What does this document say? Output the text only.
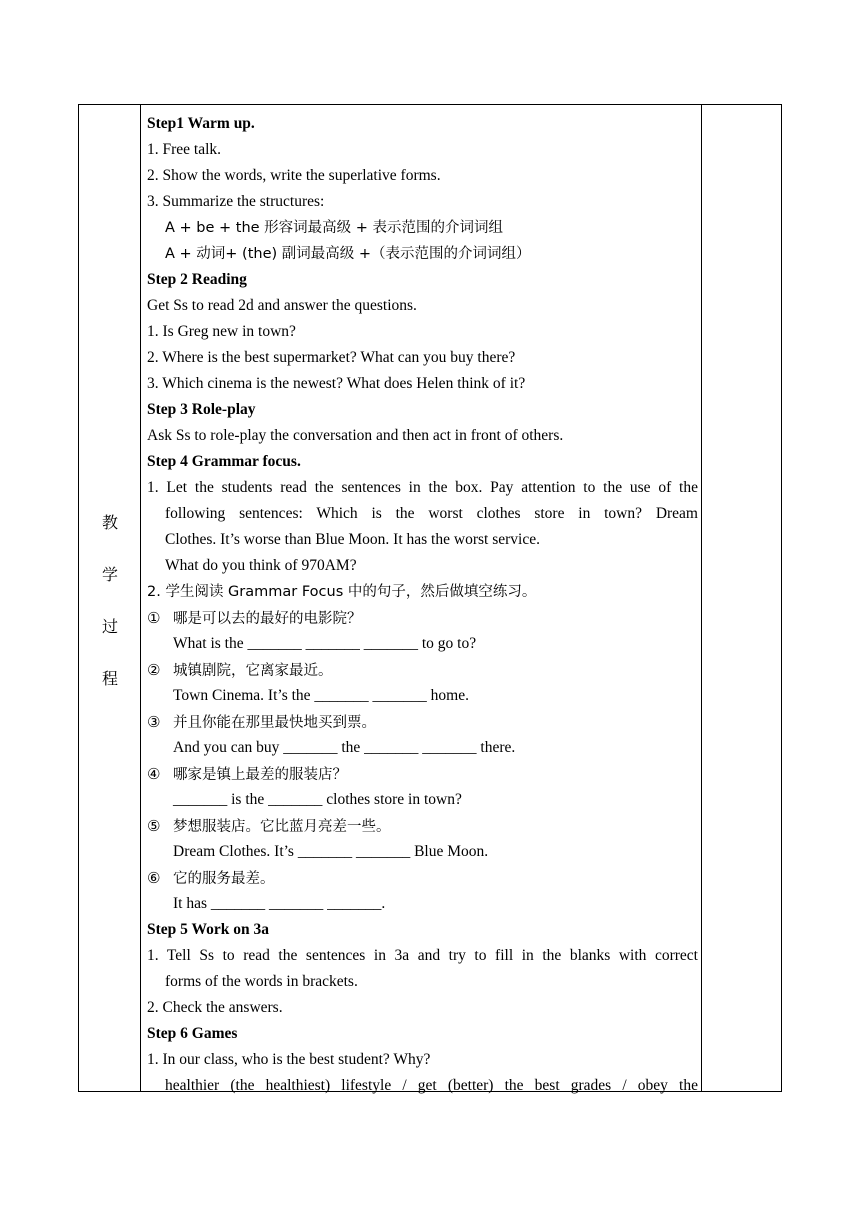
教
学
过
程
Step1 Warm up.
1. Free talk.
2. Show the words, write the superlative forms.
3. Summarize the structures:
A + be + the 形容词最高级 + 表示范围的介词词组
A + 动词+ (the) 副词最高级 +（表示范围的介词词组）
Step 2 Reading
Get Ss to read 2d and answer the questions.
1. Is Greg new in town?
2. Where is the best supermarket? What can you buy there?
3. Which cinema is the newest? What does Helen think of it?
Step 3 Role-play
Ask Ss to role-play the conversation and then act in front of others.
Step 4 Grammar focus.
1. Let the students read the sentences in the box. Pay attention to the use of the
following sentences: Which is the worst clothes store in town? Dream
Clothes. It’s worse than Blue Moon. It has the worst service.
What do you think of 970AM?
2. 学生阅读 Grammar Focus 中的句子，然后做填空练习。
① 哪是可以去的最好的电影院？
What is the _______ _______ _______ to go to?
② 城镇剧院，它离家最近。
Town Cinema. It’s the _______ _______ home.
③ 并且你能在那里最快地买到票。
And you can buy _______ the _______ _______ there.
④ 哪家是镇上最差的服装店？
_______ is the _______ clothes store in town?
⑤ 梦想服装店。它比蓝月亮差一些。
Dream Clothes. It’s _______ _______ Blue Moon.
⑥ 它的服务最差。
It has _______ _______ _______.
Step 5 Work on 3a
1. Tell Ss to read the sentences in 3a and try to fill in the blanks with correct
forms of the words in brackets.
2. Check the answers.
Step 6 Games
1. In our class, who is the best student? Why?
healthier (the healthiest) lifestyle / get (better) the best grades / obey the
